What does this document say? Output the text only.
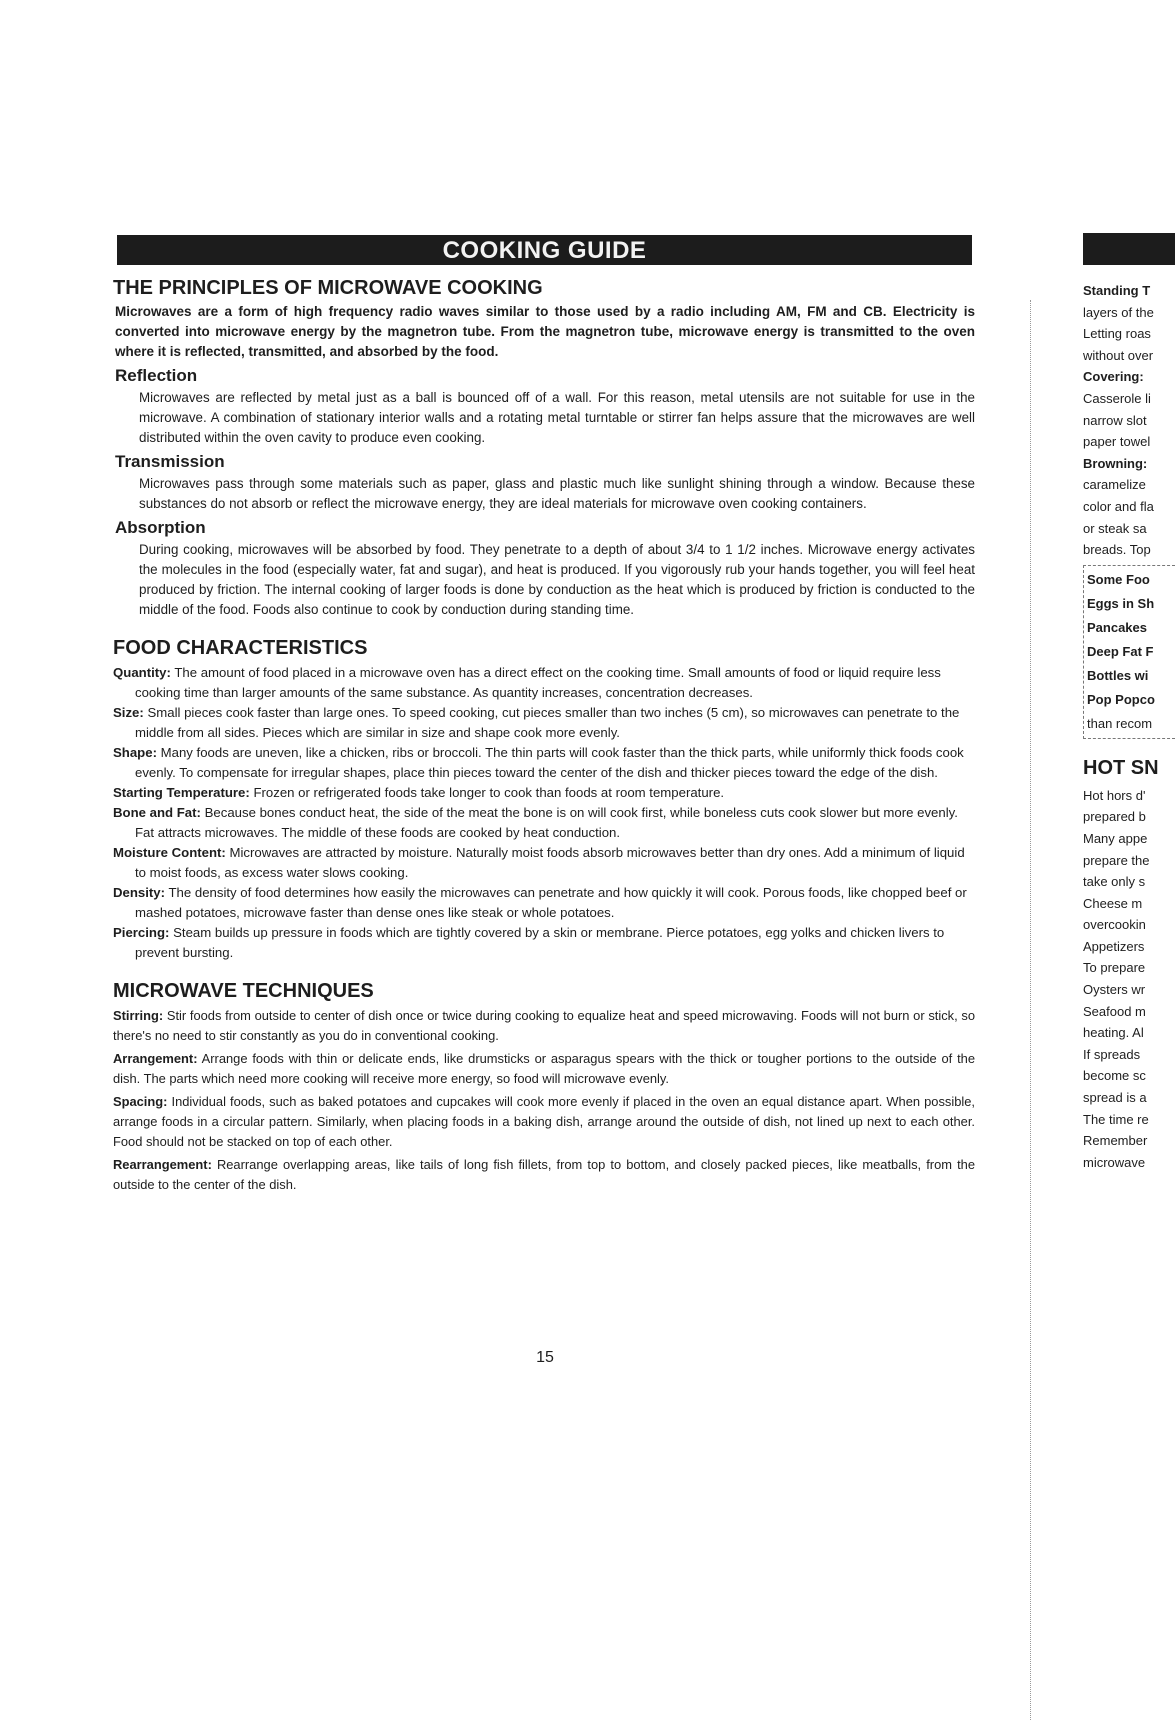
COOKING GUIDE
THE PRINCIPLES OF MICROWAVE COOKING

Microwaves are a form of high frequency radio waves similar to those used by a radio including AM, FM and CB. Electricity is converted into microwave energy by the magnetron tube. From the magnetron tube, microwave energy is transmitted to the oven where it is reflected, transmitted, and absorbed by the food.

Reflection

Microwaves are reflected by metal just as a ball is bounced off of a wall. For this reason, metal utensils are not suitable for use in the microwave. A combination of stationary interior walls and a rotating metal turntable or stirrer fan helps assure that the microwaves are well distributed within the oven cavity to produce even cooking.

Transmission

Microwaves pass through some materials such as paper, glass and plastic much like sunlight shining through a window. Because these substances do not absorb or reflect the microwave energy, they are ideal materials for microwave oven cooking containers.

Absorption

During cooking, microwaves will be absorbed by food. They penetrate to a depth of about 3/4 to 1 1/2 inches. Microwave energy activates the molecules in the food (especially water, fat and sugar), and heat is produced. If you vigorously rub your hands together, you will feel heat produced by friction. The internal cooking of larger foods is done by conduction as the heat which is produced by friction is conducted to the middle of the food. Foods also continue to cook by conduction during standing time.

FOOD CHARACTERISTICS

Quantity: The amount of food placed in a microwave oven has a direct effect on the cooking time. Small amounts of food or liquid require less cooking time than larger amounts of the same substance. As quantity increases, concentration decreases.

Size: Small pieces cook faster than large ones. To speed cooking, cut pieces smaller than two inches (5 cm), so microwaves can penetrate to the middle from all sides. Pieces which are similar in size and shape cook more evenly.

Shape: Many foods are uneven, like a chicken, ribs or broccoli. The thin parts will cook faster than the thick parts, while uniformly thick foods cook evenly. To compensate for irregular shapes, place thin pieces toward the center of the dish and thicker pieces toward the edge of the dish.

Starting Temperature: Frozen or refrigerated foods take longer to cook than foods at room temperature.

Bone and Fat: Because bones conduct heat, the side of the meat the bone is on will cook first, while boneless cuts cook slower but more evenly. Fat attracts microwaves. The middle of these foods are cooked by heat conduction.

Moisture Content: Microwaves are attracted by moisture. Naturally moist foods absorb microwaves better than dry ones. Add a minimum of liquid to moist foods, as excess water slows cooking.

Density: The density of food determines how easily the microwaves can penetrate and how quickly it will cook. Porous foods, like chopped beef or mashed potatoes, microwave faster than dense ones like steak or whole potatoes.

Piercing: Steam builds up pressure in foods which are tightly covered by a skin or membrane. Pierce potatoes, egg yolks and chicken livers to prevent bursting.

MICROWAVE TECHNIQUES

Stirring: Stir foods from outside to center of dish once or twice during cooking to equalize heat and speed microwaving. Foods will not burn or stick, so there's no need to stir constantly as you do in conventional cooking.

Arrangement: Arrange foods with thin or delicate ends, like drumsticks or asparagus spears with the thick or tougher portions to the outside of the dish. The parts which need more cooking will receive more energy, so food will microwave evenly.

Spacing: Individual foods, such as baked potatoes and cupcakes will cook more evenly if placed in the oven an equal distance apart. When possible, arrange foods in a circular pattern. Similarly, when placing foods in a baking dish, arrange around the outside of dish, not lined up next to each other. Food should not be stacked on top of each other.

Rearrangement: Rearrange overlapping areas, like tails of long fish fillets, from top to bottom, and closely packed pieces, like meatballs, from the outside to the center of the dish.

15
Standing T
layers of the
Letting roas
without over
Covering:
Casserole li
narrow slot
paper towel
Browning:
caramelize
color and fla
or steak sa
breads. Top
Some Foo
Eggs in Sh
Pancakes
Deep Fat F
Bottles wi
Pop Popco
than recom
HOT SN
Hot hors d'
prepared b
Many appe
prepare the
take only s
Cheese m
overcookin
Appetizers
To prepare
Oysters wr
Seafood m
heating. Al
If spreads
become sc
spread is a
The time re
Remember
microwave
